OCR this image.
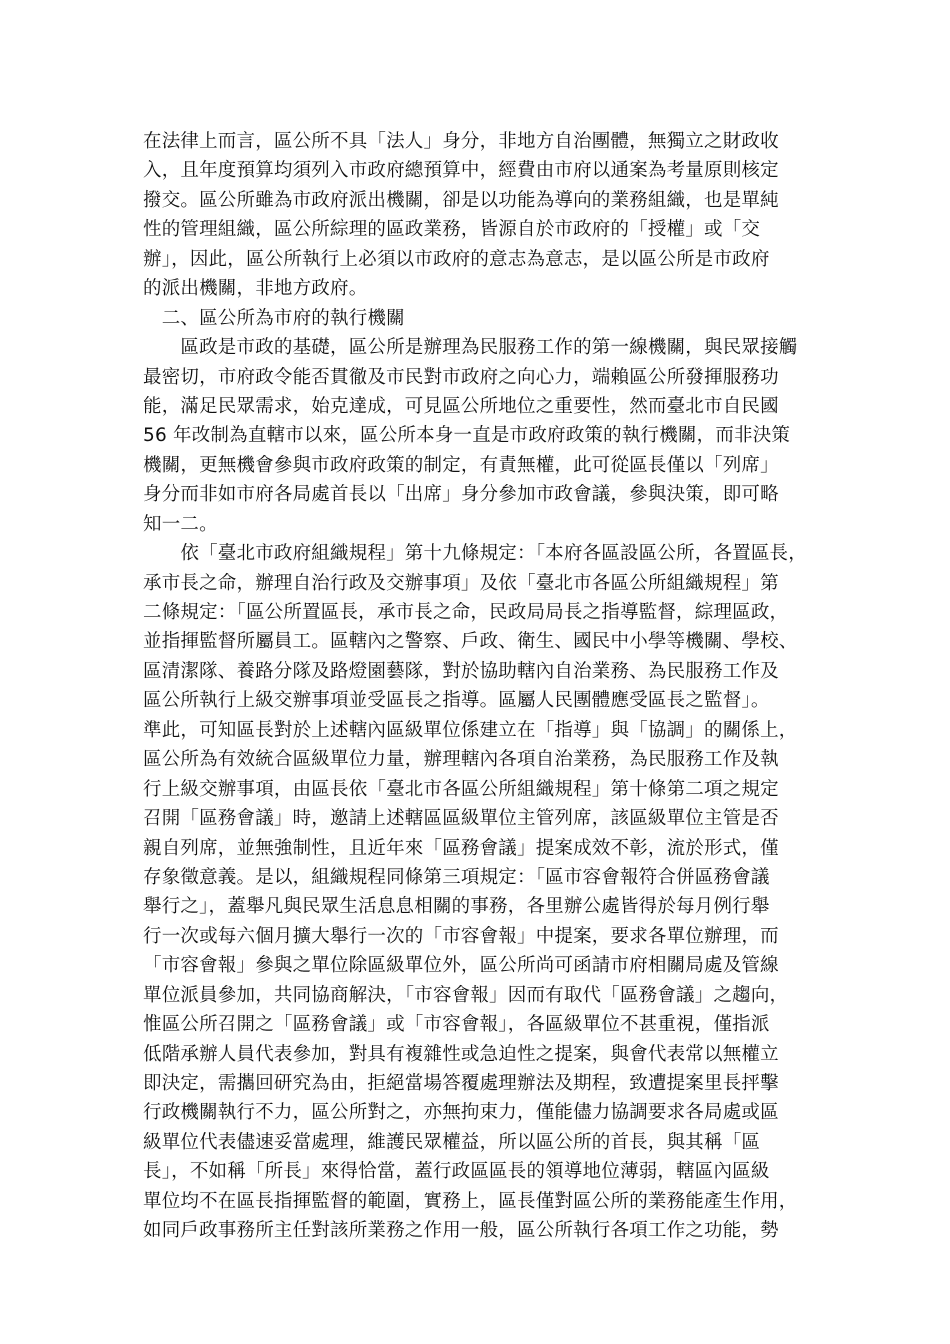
在法律上而言，區公所不具「法人」身分，非地方自治團體，無獨立之財政收
入，且年度預算均須列入市政府總預算中，經費由市府以通案為考量原則核定
撥交。區公所雖為市政府派出機關，卻是以功能為導向的業務組織，也是單純
性的管理組織，區公所綜理的區政業務，皆源自於市政府的「授權」或「交
辦」，因此，區公所執行上必須以市政府的意志為意志，是以區公所是市政府
的派出機關，非地方政府。
　二、區公所為市府的執行機關
　　區政是市政的基礎，區公所是辦理為民服務工作的第一線機關，與民眾接觸
最密切，市府政令能否貫徹及市民對市政府之向心力，端賴區公所發揮服務功
能，滿足民眾需求，始克達成，可見區公所地位之重要性，然而臺北市自民國
56 年改制為直轄市以來，區公所本身一直是市政府政策的執行機關，而非決策
機關，更無機會參與市政府政策的制定，有責無權，此可從區長僅以「列席」
身分而非如市府各局處首長以「出席」身分參加市政會議，參與決策，即可略
知一二。
　　依「臺北市政府組織規程」第十九條規定：「本府各區設區公所，各置區長，
承市長之命，辦理自治行政及交辦事項」及依「臺北市各區公所組織規程」第
二條規定：「區公所置區長，承市長之命，民政局局長之指導監督，綜理區政，
並指揮監督所屬員工。區轄內之警察、戶政、衛生、國民中小學等機關、學校、
區清潔隊、養路分隊及路燈園藝隊，對於協助轄內自治業務、為民服務工作及
區公所執行上級交辦事項並受區長之指導。區屬人民團體應受區長之監督」。
準此，可知區長對於上述轄內區級單位係建立在「指導」與「協調」的關係上，
區公所為有效統合區級單位力量，辦理轄內各項自治業務，為民服務工作及執
行上級交辦事項，由區長依「臺北市各區公所組織規程」第十條第二項之規定
召開「區務會議」時，邀請上述轄區區級單位主管列席，該區級單位主管是否
親自列席，並無強制性，且近年來「區務會議」提案成效不彰，流於形式，僅
存象徵意義。是以，組織規程同條第三項規定：「區市容會報符合併區務會議
舉行之」，蓋舉凡與民眾生活息息相關的事務，各里辦公處皆得於每月例行舉
行一次或每六個月擴大舉行一次的「市容會報」中提案，要求各單位辦理，而
「市容會報」參與之單位除區級單位外，區公所尚可函請市府相關局處及管線
單位派員參加，共同協商解決，「市容會報」因而有取代「區務會議」之趨向，
惟區公所召開之「區務會議」或「市容會報」，各區級單位不甚重視，僅指派
低階承辦人員代表參加，對具有複雜性或急迫性之提案，與會代表常以無權立
即決定，需攜回研究為由，拒絕當場答覆處理辦法及期程，致遭提案里長抨擊
行政機關執行不力，區公所對之，亦無拘束力，僅能儘力協調要求各局處或區
級單位代表儘速妥當處理，維護民眾權益，所以區公所的首長，與其稱「區
長」，不如稱「所長」來得恰當，蓋行政區區長的領導地位薄弱，轄區內區級
單位均不在區長指揮監督的範圍，實務上，區長僅對區公所的業務能產生作用，
如同戶政事務所主任對該所業務之作用一般，區公所執行各項工作之功能，勢
